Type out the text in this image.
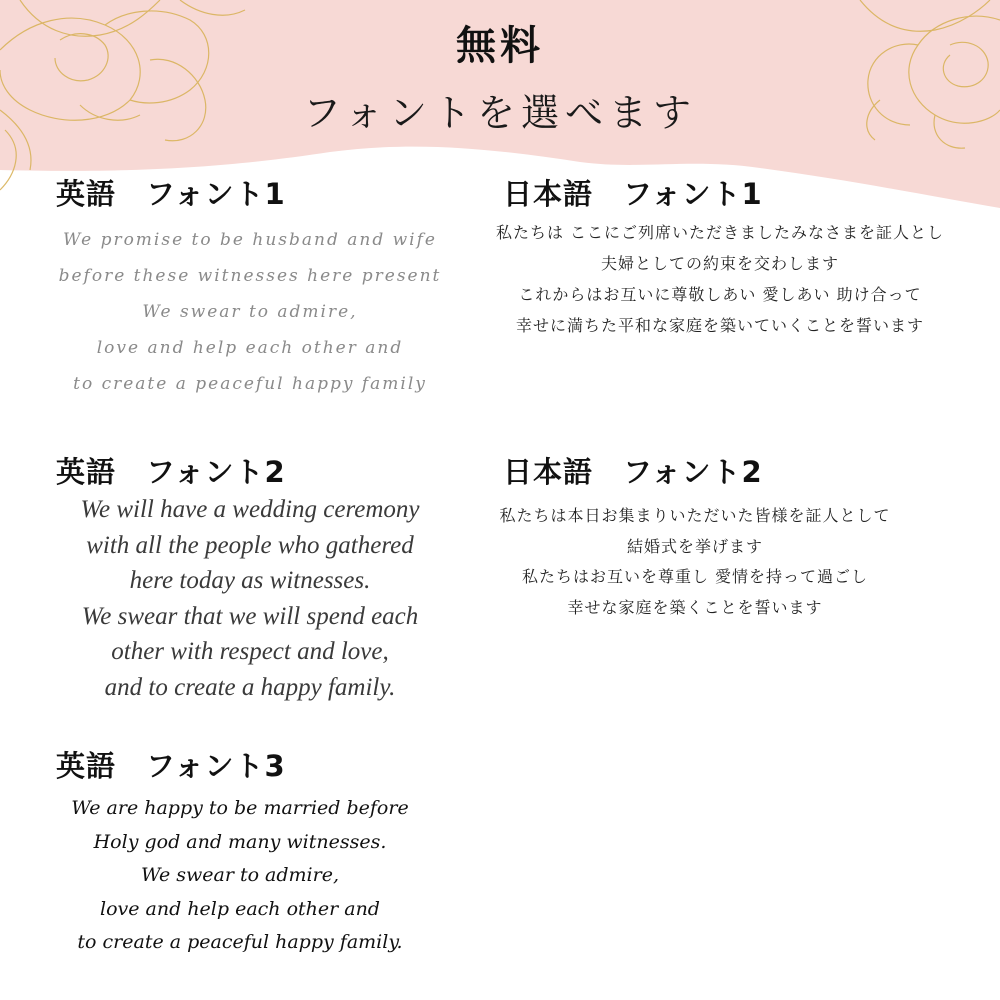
無料
フォントを選べます
英語　フォント1
We promise to be husband and wife
before these witnesses here present
We swear to admire,
love and help each other and
to create a peaceful happy family
日本語　フォント1
私たちは ここにご列席いただきましたみなさまを証人とし
夫婦としての約束を交わします
これからはお互いに尊敬しあい 愛しあい 助け合って
幸せに満ちた平和な家庭を築いていくことを誓います
英語　フォント2
We will have a wedding ceremony
with all the people who gathered
here today as witnesses.
We swear that we will spend each
other with respect and love,
and to create a happy family.
日本語　フォント2
私たちは本日お集まりいただいた皆様を証人として
結婚式を挙げます
私たちはお互いを尊重し 愛情を持って過ごし
幸せな家庭を築くことを誓います
英語　フォント3
We are happy to be married before
Holy god and many witnesses.
We swear to admire,
love and help each other and
to create a peaceful happy family.
